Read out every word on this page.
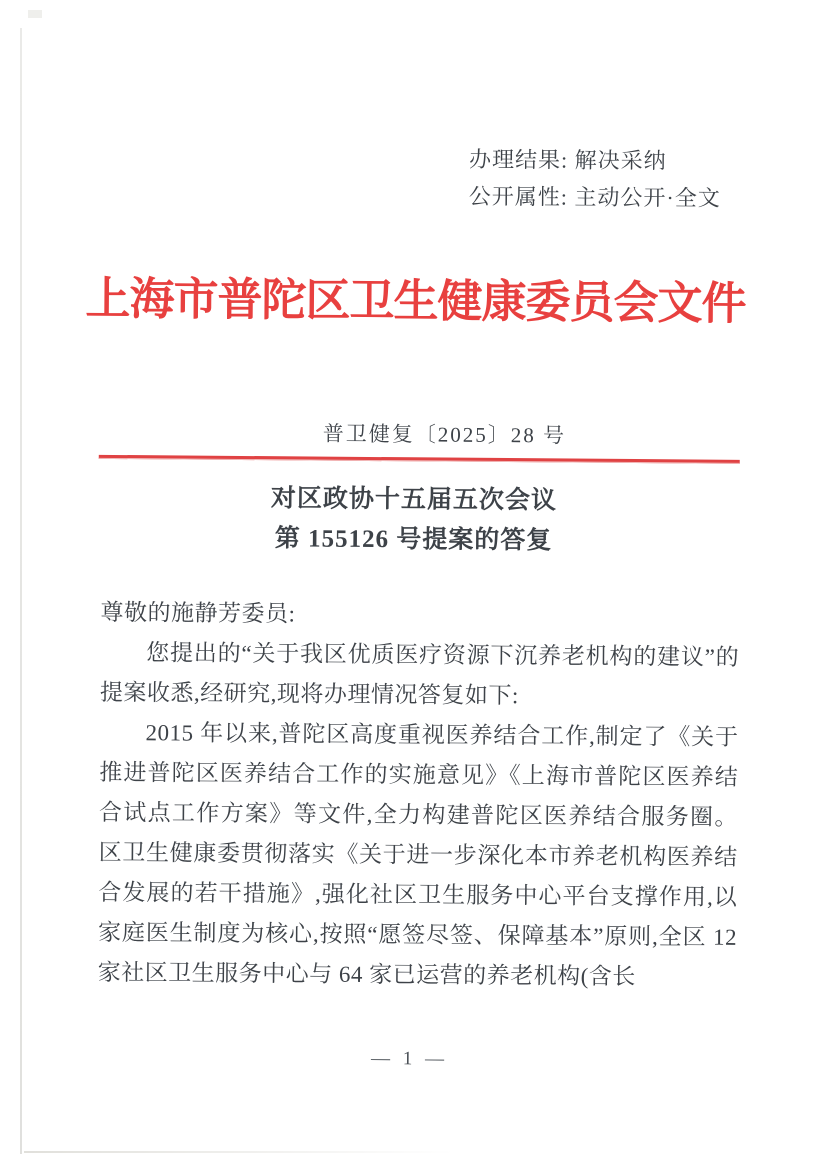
办理结果: 解决采纳
公开属性: 主动公开·全文
上海市普陀区卫生健康委员会文件
普卫健复〔2025〕28 号
对区政协十五届五次会议
第 155126 号提案的答复

尊敬的施静芳委员:

您提出的“关于我区优质医疗资源下沉养老机构的建议”的提案收悉,经研究,现将办理情况答复如下:

2015 年以来,普陀区高度重视医养结合工作,制定了《关于推进普陀区医养结合工作的实施意见》《上海市普陀区医养结合试点工作方案》等文件,全力构建普陀区医养结合服务圈。区卫生健康委贯彻落实《关于进一步深化本市养老机构医养结合发展的若干措施》,强化社区卫生服务中心平台支撑作用,以家庭医生制度为核心,按照“愿签尽签、保障基本”原则,全区 12 家社区卫生服务中心与 64 家已运营的养老机构(含长

— 1 —
